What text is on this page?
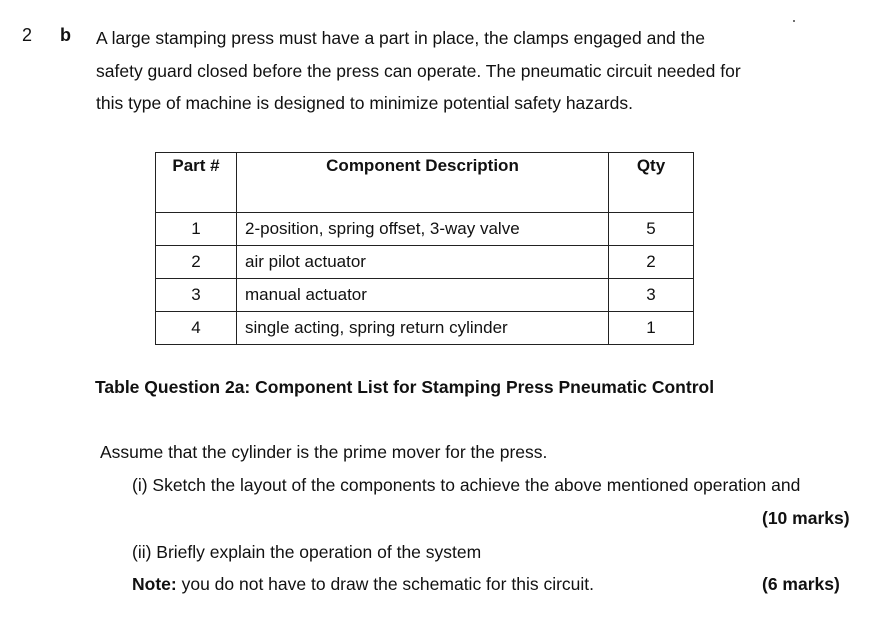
2 b A large stamping press must have a part in place, the clamps engaged and the

safety guard closed before the press can operate. The pneumatic circuit needed for

this type of machine is designed to minimize potential safety hazards.

Part #	Component Description	Qty
1	2-position, spring offset, 3-way valve	5
2	air pilot actuator	2
3	manual actuator	3
4	single acting, spring return cylinder	1
Table Question 2a: Component List for Stamping Press Pneumatic Control
Assume that the cylinder is the prime mover for the press.
(i) Sketch the layout of the components to achieve the above mentioned operation and
(10 marks)
(ii) Briefly explain the operation of the system
Note: you do not have to draw the schematic for this circuit.	(6 marks)
